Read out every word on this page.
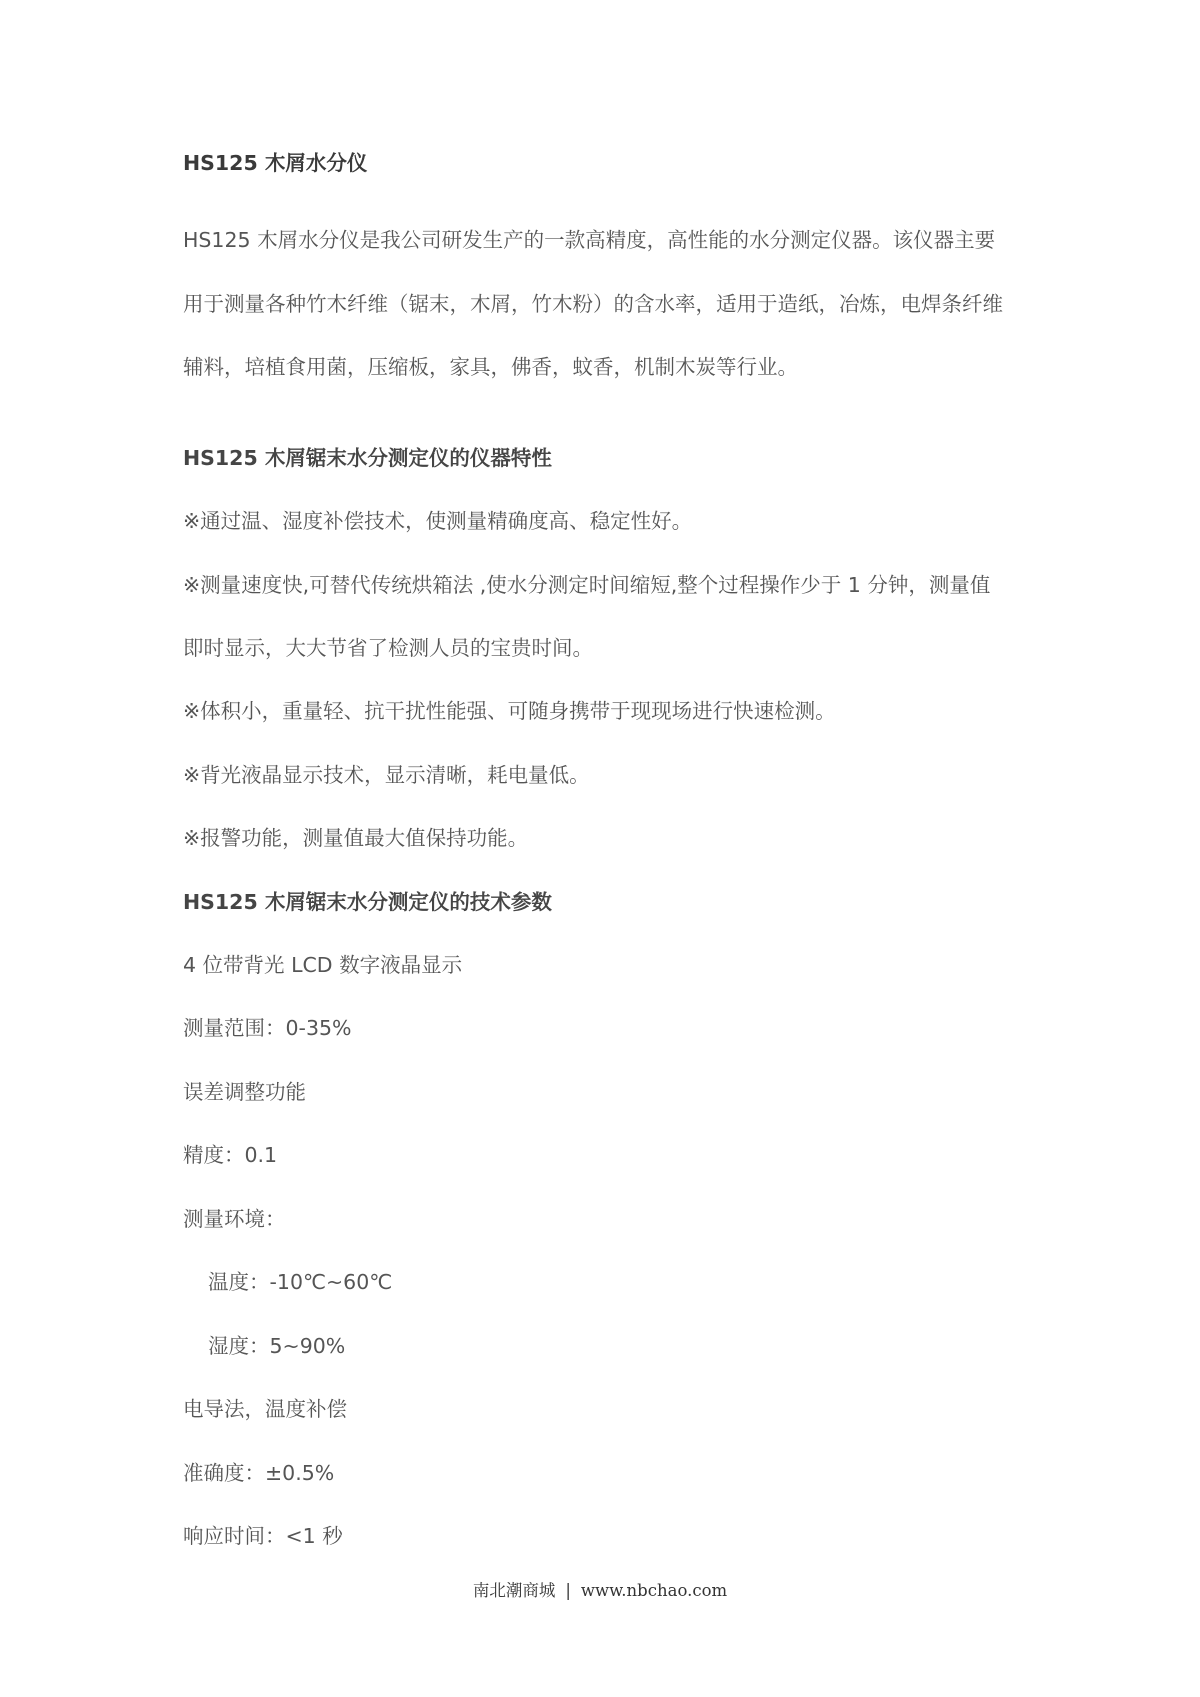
HS125 木屑水分仪
HS125 木屑水分仪是我公司研发生产的一款高精度，高性能的水分测定仪器。该仪器主要
用于测量各种竹木纤维（锯末，木屑，竹木粉）的含水率，适用于造纸，冶炼，电焊条纤维
辅料，培植食用菌，压缩板，家具，佛香，蚊香，机制木炭等行业。
HS125 木屑锯末水分测定仪的仪器特性
※通过温、湿度补偿技术，使测量精确度高、稳定性好。
※测量速度快,可替代传统烘箱法 ,使水分测定时间缩短,整个过程操作少于 1 分钟，测量值
即时显示，大大节省了检测人员的宝贵时间。
※体积小，重量轻、抗干扰性能强、可随身携带于现现场进行快速检测。
※背光液晶显示技术，显示清晰，耗电量低。
※报警功能，测量值最大值保持功能。
HS125 木屑锯末水分测定仪的技术参数
4 位带背光 LCD 数字液晶显示
测量范围：0-35%
误差调整功能
精度：0.1
测量环境：
温度：-10℃~60℃
湿度：5~90%
电导法，温度补偿
准确度：±0.5%
响应时间：<1 秒
南北潮商城 | www.nbchao.com
